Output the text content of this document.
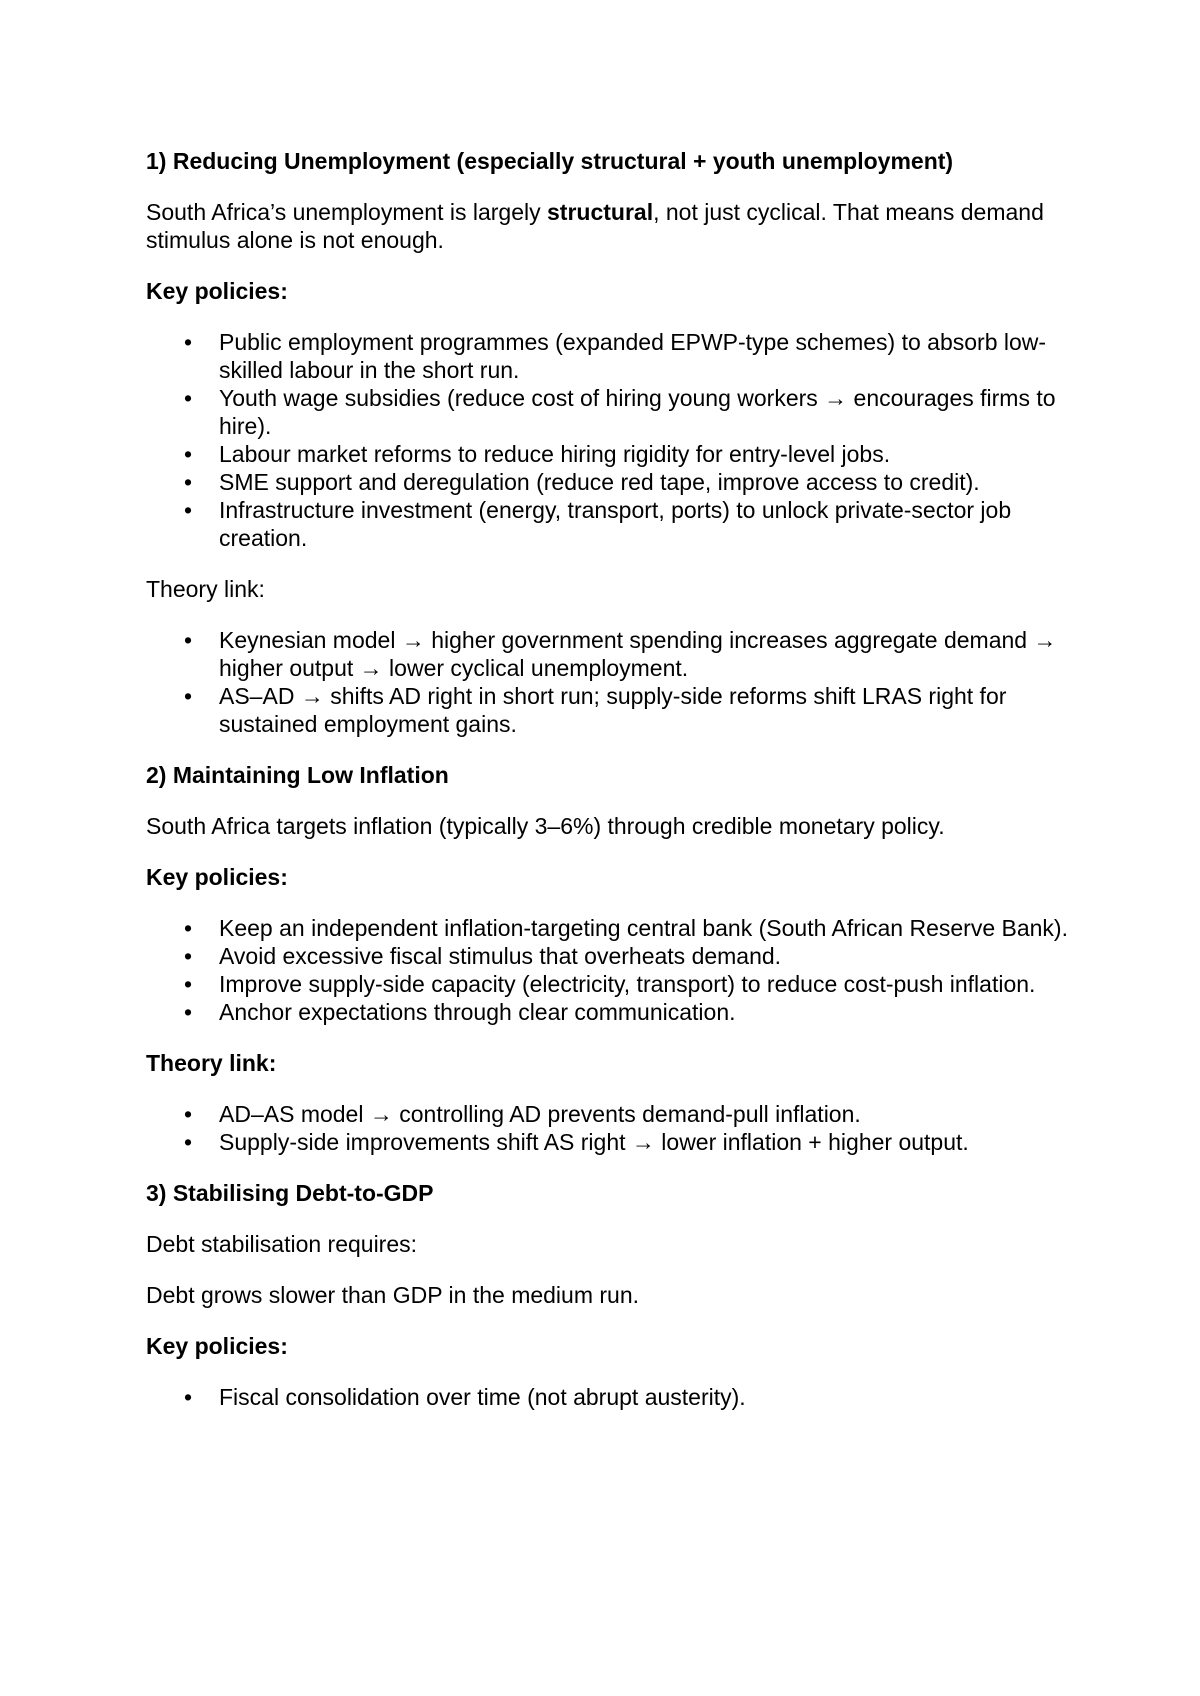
1) Reducing Unemployment (especially structural + youth unemployment)
South Africa’s unemployment is largely structural, not just cyclical. That means demand stimulus alone is not enough.
Key policies:
• Public employment programmes (expanded EPWP-type schemes) to absorb low-skilled labour in the short run.
• Youth wage subsidies (reduce cost of hiring young workers → encourages firms to hire).
• Labour market reforms to reduce hiring rigidity for entry-level jobs.
• SME support and deregulation (reduce red tape, improve access to credit).
• Infrastructure investment (energy, transport, ports) to unlock private-sector job creation.
Theory link:
• Keynesian model → higher government spending increases aggregate demand → higher output → lower cyclical unemployment.
• AS–AD → shifts AD right in short run; supply-side reforms shift LRAS right for sustained employment gains.
2) Maintaining Low Inflation
South Africa targets inflation (typically 3–6%) through credible monetary policy.
Key policies:
• Keep an independent inflation-targeting central bank (South African Reserve Bank).
• Avoid excessive fiscal stimulus that overheats demand.
• Improve supply-side capacity (electricity, transport) to reduce cost-push inflation.
• Anchor expectations through clear communication.
Theory link:
• AD–AS model → controlling AD prevents demand-pull inflation.
• Supply-side improvements shift AS right → lower inflation + higher output.
3) Stabilising Debt-to-GDP
Debt stabilisation requires:
Debt grows slower than GDP in the medium run.
Key policies:
• Fiscal consolidation over time (not abrupt austerity).
